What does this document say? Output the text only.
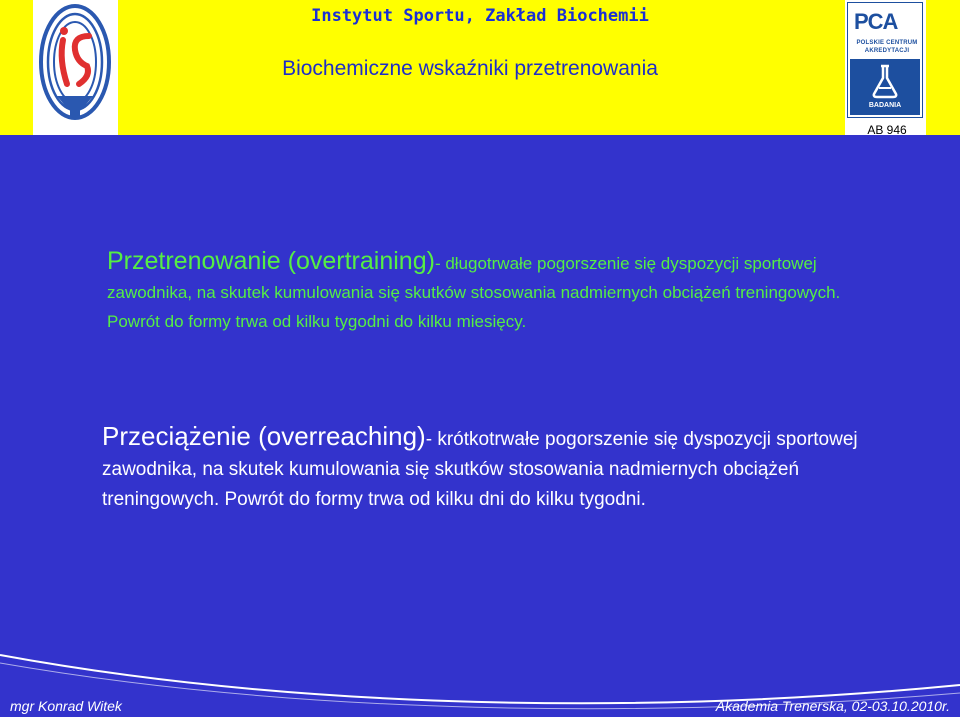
Instytut Sportu, Zakład Biochemii
Biochemiczne wskaźniki przetrenowania
PCA
POLSKIE CENTRUM
AKREDYTACJI
BADANIA
AB 946
Przetrenowanie (overtraining)- długotrwałe pogorszenie się dyspozycji sportowej zawodnika, na skutek kumulowania się skutków stosowania nadmiernych obciążeń treningowych. Powrót do formy trwa od kilku tygodni do kilku miesięcy.
Przeciążenie (overreaching)- krótkotrwałe pogorszenie się dyspozycji sportowej zawodnika, na skutek kumulowania się skutków stosowania nadmiernych obciążeń treningowych. Powrót do formy trwa od kilku dni do kilku tygodni.
mgr Konrad Witek	Akademia Trenerska, 02-03.10.2010r.
